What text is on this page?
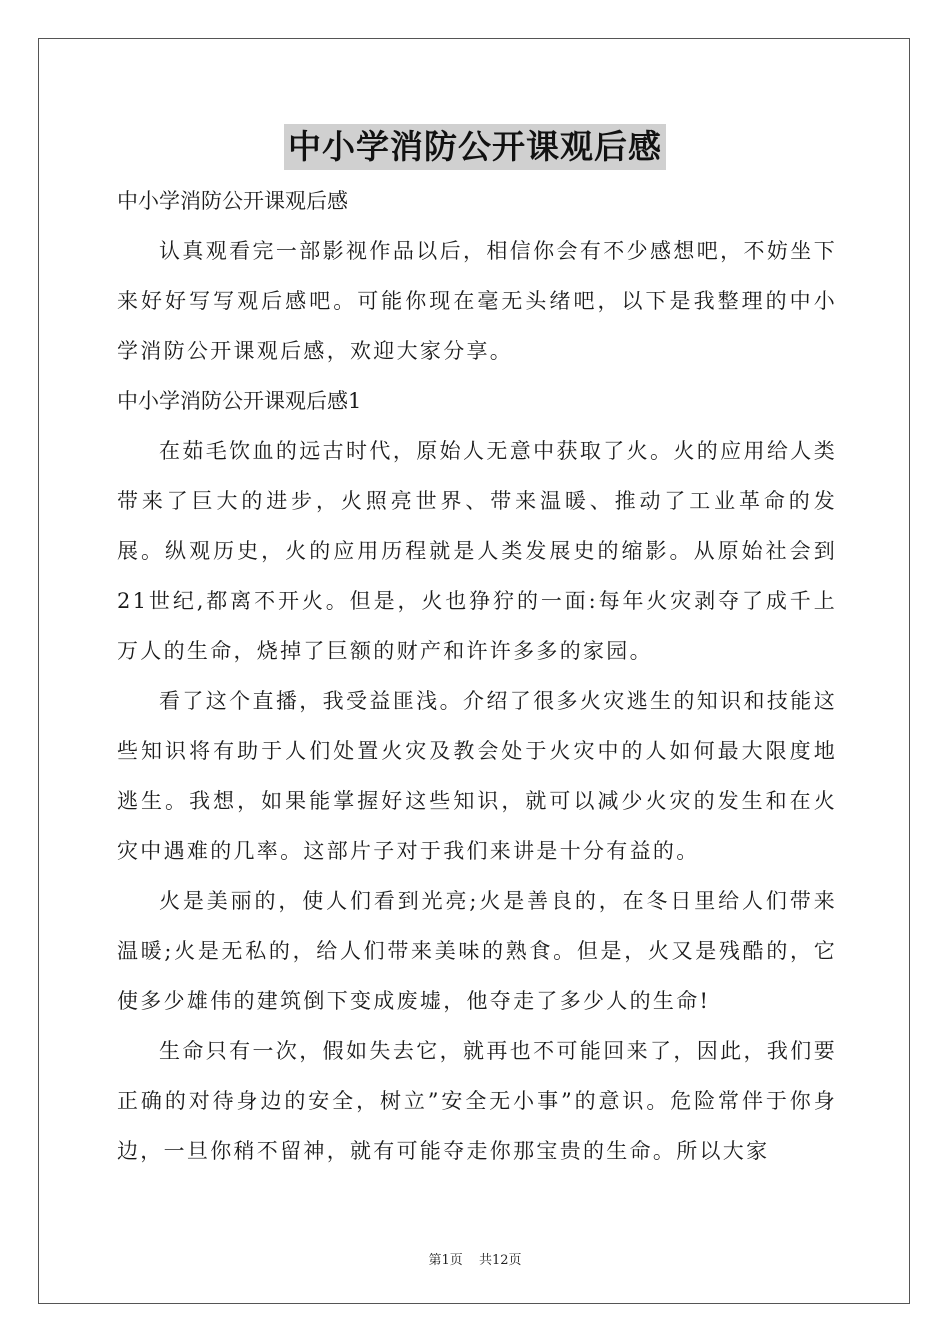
中小学消防公开课观后感

中小学消防公开课观后感

认真观看完一部影视作品以后，相信你会有不少感想吧，不妨坐下来好好写写观后感吧。可能你现在毫无头绪吧，以下是我整理的中小学消防公开课观后感，欢迎大家分享。

中小学消防公开课观后感1

在茹毛饮血的远古时代，原始人无意中获取了火。火的应用给人类带来了巨大的进步，火照亮世界、带来温暖、推动了工业革命的发展。纵观历史，火的应用历程就是人类发展史的缩影。从原始社会到21世纪,都离不开火。但是，火也狰狞的一面:每年火灾剥夺了成千上万人的生命，烧掉了巨额的财产和许许多多的家园。

看了这个直播，我受益匪浅。介绍了很多火灾逃生的知识和技能这些知识将有助于人们处置火灾及教会处于火灾中的人如何最大限度地逃生。我想，如果能掌握好这些知识，就可以减少火灾的发生和在火灾中遇难的几率。这部片子对于我们来讲是十分有益的。

火是美丽的，使人们看到光亮;火是善良的，在冬日里给人们带来温暖;火是无私的，给人们带来美味的熟食。但是，火又是残酷的，它使多少雄伟的建筑倒下变成废墟，他夺走了多少人的生命!

生命只有一次，假如失去它，就再也不可能回来了，因此，我们要正确的对待身边的安全，树立”安全无小事”的意识。危险常伴于你身边，一旦你稍不留神，就有可能夺走你那宝贵的生命。所以大家

第1页 共12页
